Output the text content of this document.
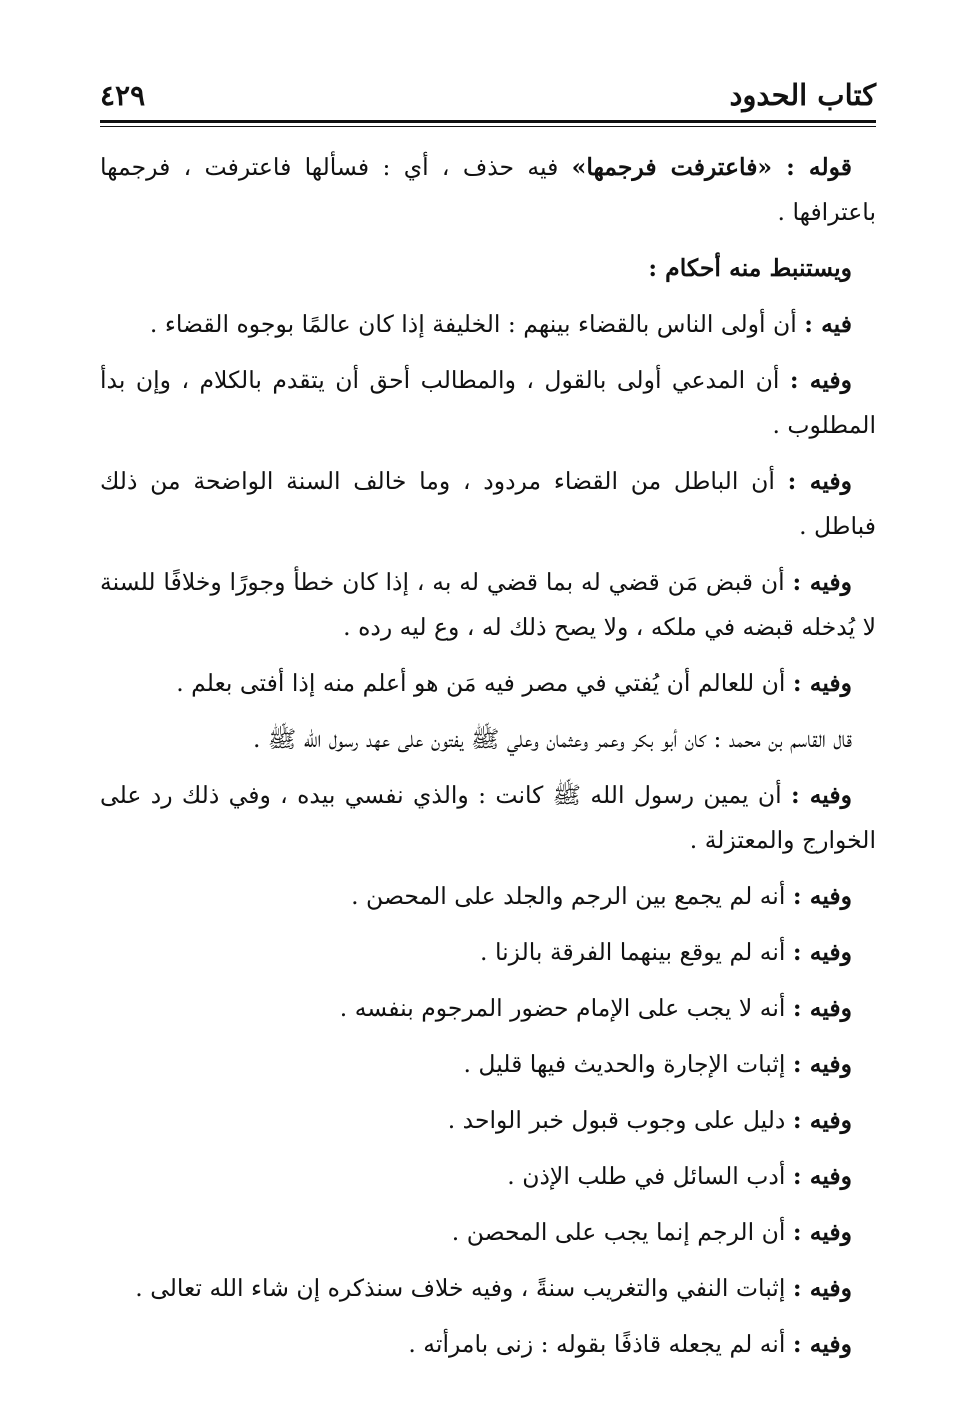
كتاب الحدود
٤٢٩

قوله : «فاعترفت فرجمها» فيه حذف ، أي : فسألها فاعترفت ، فرجمها باعترافها .

ويستنبط منه أحكام :

فيه : أن أولى الناس بالقضاء بينهم : الخليفة إذا كان عالمًا بوجوه القضاء .

وفيه : أن المدعي أولى بالقول ، والمطالب أحق أن يتقدم بالكلام ، وإن بدأ المطلوب .

وفيه : أن الباطل من القضاء مردود ، وما خالف السنة الواضحة من ذلك فباطل .

وفيه : أن قبض مَن قضي له بما قضي له به ، إذا كان خطأ وجورًا وخلافًا للسنة لا يُدخله قبضه في ملكه ، ولا يصح ذلك له ، وع ليه رده .

وفيه : أن للعالم أن يُفتي في مصر فيه مَن هو أعلم منه إذا أفتى بعلم .

قال القاسم بن محمد : كان أبو بكر وعمر وعثمان وعلي ﷺ يفتون على عهد رسول الله ﷺ .

وفيه : أن يمين رسول الله ﷺ كانت : والذي نفسي بيده ، وفي ذلك رد على الخوارج والمعتزلة .

وفيه : أنه لم يجمع بين الرجم والجلد على المحصن .

وفيه : أنه لم يوقع بينهما الفرقة بالزنا .

وفيه : أنه لا يجب على الإمام حضور المرجوم بنفسه .

وفيه : إثبات الإجارة والحديث فيها قليل .

وفيه : دليل على وجوب قبول خبر الواحد .

وفيه : أدب السائل في طلب الإذن .

وفيه : أن الرجم إنما يجب على المحصن .

وفيه : إثبات النفي والتغريب سنةً ، وفيه خلاف سنذكره إن شاء الله تعالى .

وفيه : أنه لم يجعله قاذفًا بقوله : زنى بامرأته .
